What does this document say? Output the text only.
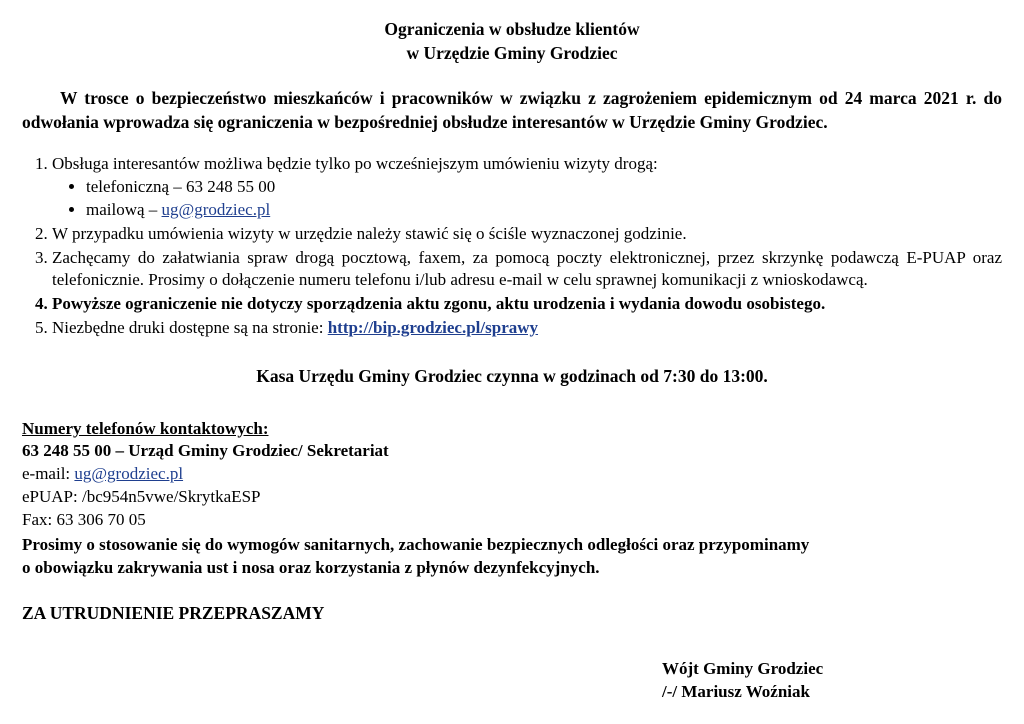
Ograniczenia w obsłudze klientów
w Urzędzie Gminy Grodziec

W trosce o bezpieczeństwo mieszkańców i pracowników w związku z zagrożeniem epidemicznym od 24 marca 2021 r. do odwołania wprowadza się ograniczenia w bezpośredniej obsłudze interesantów w Urzędzie Gminy Grodziec.

1. Obsługa interesantów możliwa będzie tylko po wcześniejszym umówieniu wizyty drogą:
• telefoniczną – 63 248 55 00
• mailową – ug@grodziec.pl
2. W przypadku umówienia wizyty w urzędzie należy stawić się o ściśle wyznaczonej godzinie.
3. Zachęcamy do załatwiania spraw drogą pocztową, faxem, za pomocą poczty elektronicznej, przez skrzynkę podawczą E-PUAP oraz telefonicznie. Prosimy o dołączenie numeru telefonu i/lub adresu e-mail w celu sprawnej komunikacji z wnioskodawcą.
4. Powyższe ograniczenie nie dotyczy sporządzenia aktu zgonu, aktu urodzenia i wydania dowodu osobistego.
5. Niezbędne druki dostępne są na stronie: http://bip.grodziec.pl/sprawy
Kasa Urzędu Gminy Grodziec czynna w godzinach od 7:30 do 13:00.
Numery telefonów kontaktowych:
63 248 55 00 – Urząd Gminy Grodziec/ Sekretariat
e-mail: ug@grodziec.pl
ePUAP: /bc954n5vwe/SkrytkaESP
Fax: 63 306 70 05
Prosimy o stosowanie się do wymogów sanitarnych, zachowanie bezpiecznych odległości oraz przypominamy
o obowiązku zakrywania ust i nosa oraz korzystania z płynów dezynfekcyjnych.
ZA UTRUDNIENIE PRZEPRASZAMY
Wójt Gminy Grodziec
/-/ Mariusz Woźniak
